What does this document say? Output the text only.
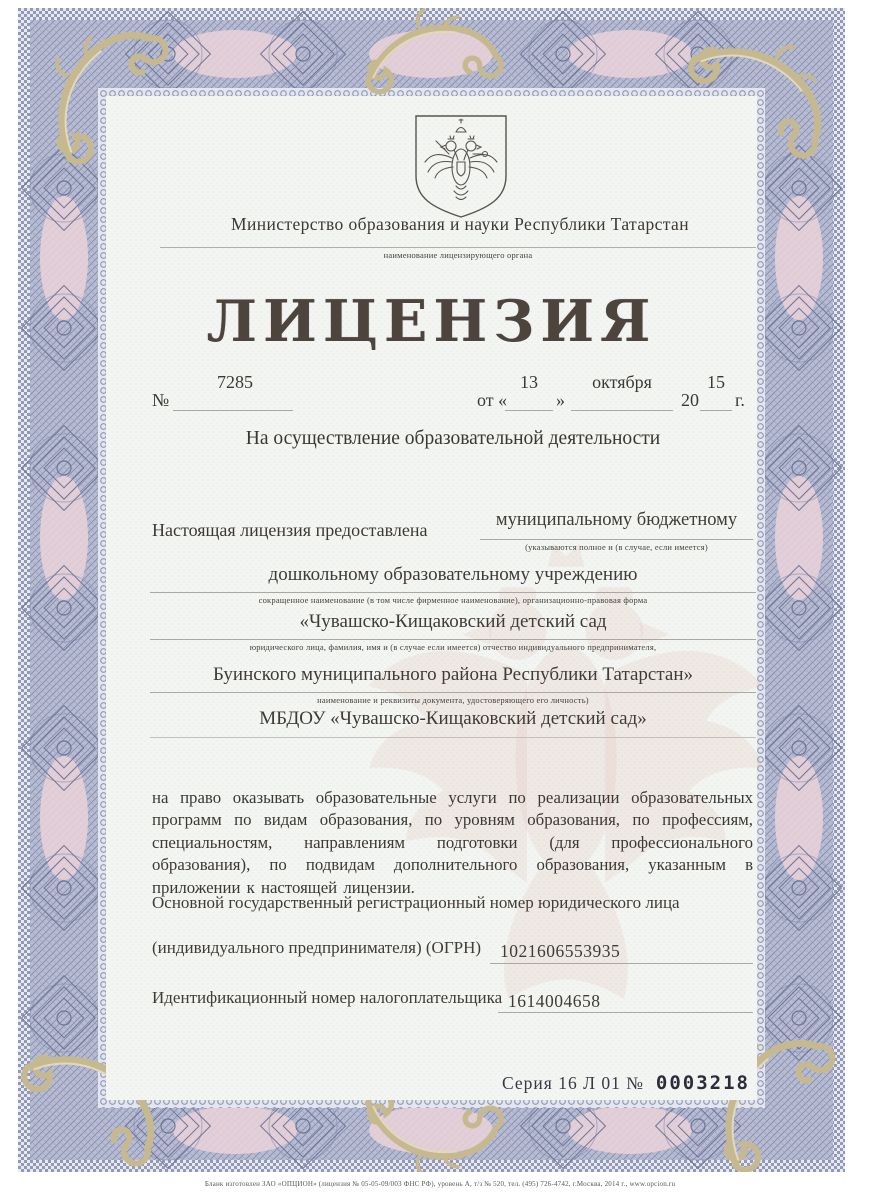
Министерство образования и науки Республики Татарстан
наименование лицензирующего органа
ЛИЦЕНЗИЯ
№
7285
от «
13
»
октября
20
15
г.
На осуществление образовательной деятельности
Настоящая лицензия предоставлена	муниципальному бюджетному
(указываются полное и (в случае, если имеется)
дошкольному образовательному учреждению
сокращенное наименование (в том числе фирменное наименование), организационно-правовая форма
«Чувашско-Кищаковский детский сад
юридического лица, фамилия, имя и (в случае если имеется) отчество индивидуального предпринимателя,
Буинского муниципального района Республики Татарстан»
наименование и реквизиты документа, удостоверяющего его личность)
МБДОУ «Чувашско-Кищаковский детский сад»
на право оказывать образовательные услуги по реализации образовательных программ по видам образования, по уровням образования, по профессиям, специальностям, направлениям подготовки (для профессионального образования), по подвидам дополнительного образования, указанным в приложении к настоящей лицензии.
Основной государственный регистрационный номер юридического лица
(индивидуального предпринимателя) (ОГРН) 1021606553935
Идентификационный номер налогоплательщика 1614004658
Серия 16 Л 01 № 0003218
Бланк изготовлен ЗАО «ОПЦИОН» (лицензия № 05-05-09/003 ФНС РФ), уровень А, т/з № 520, тел. (495) 726-4742, г.Москва, 2014 г., www.opcion.ru
